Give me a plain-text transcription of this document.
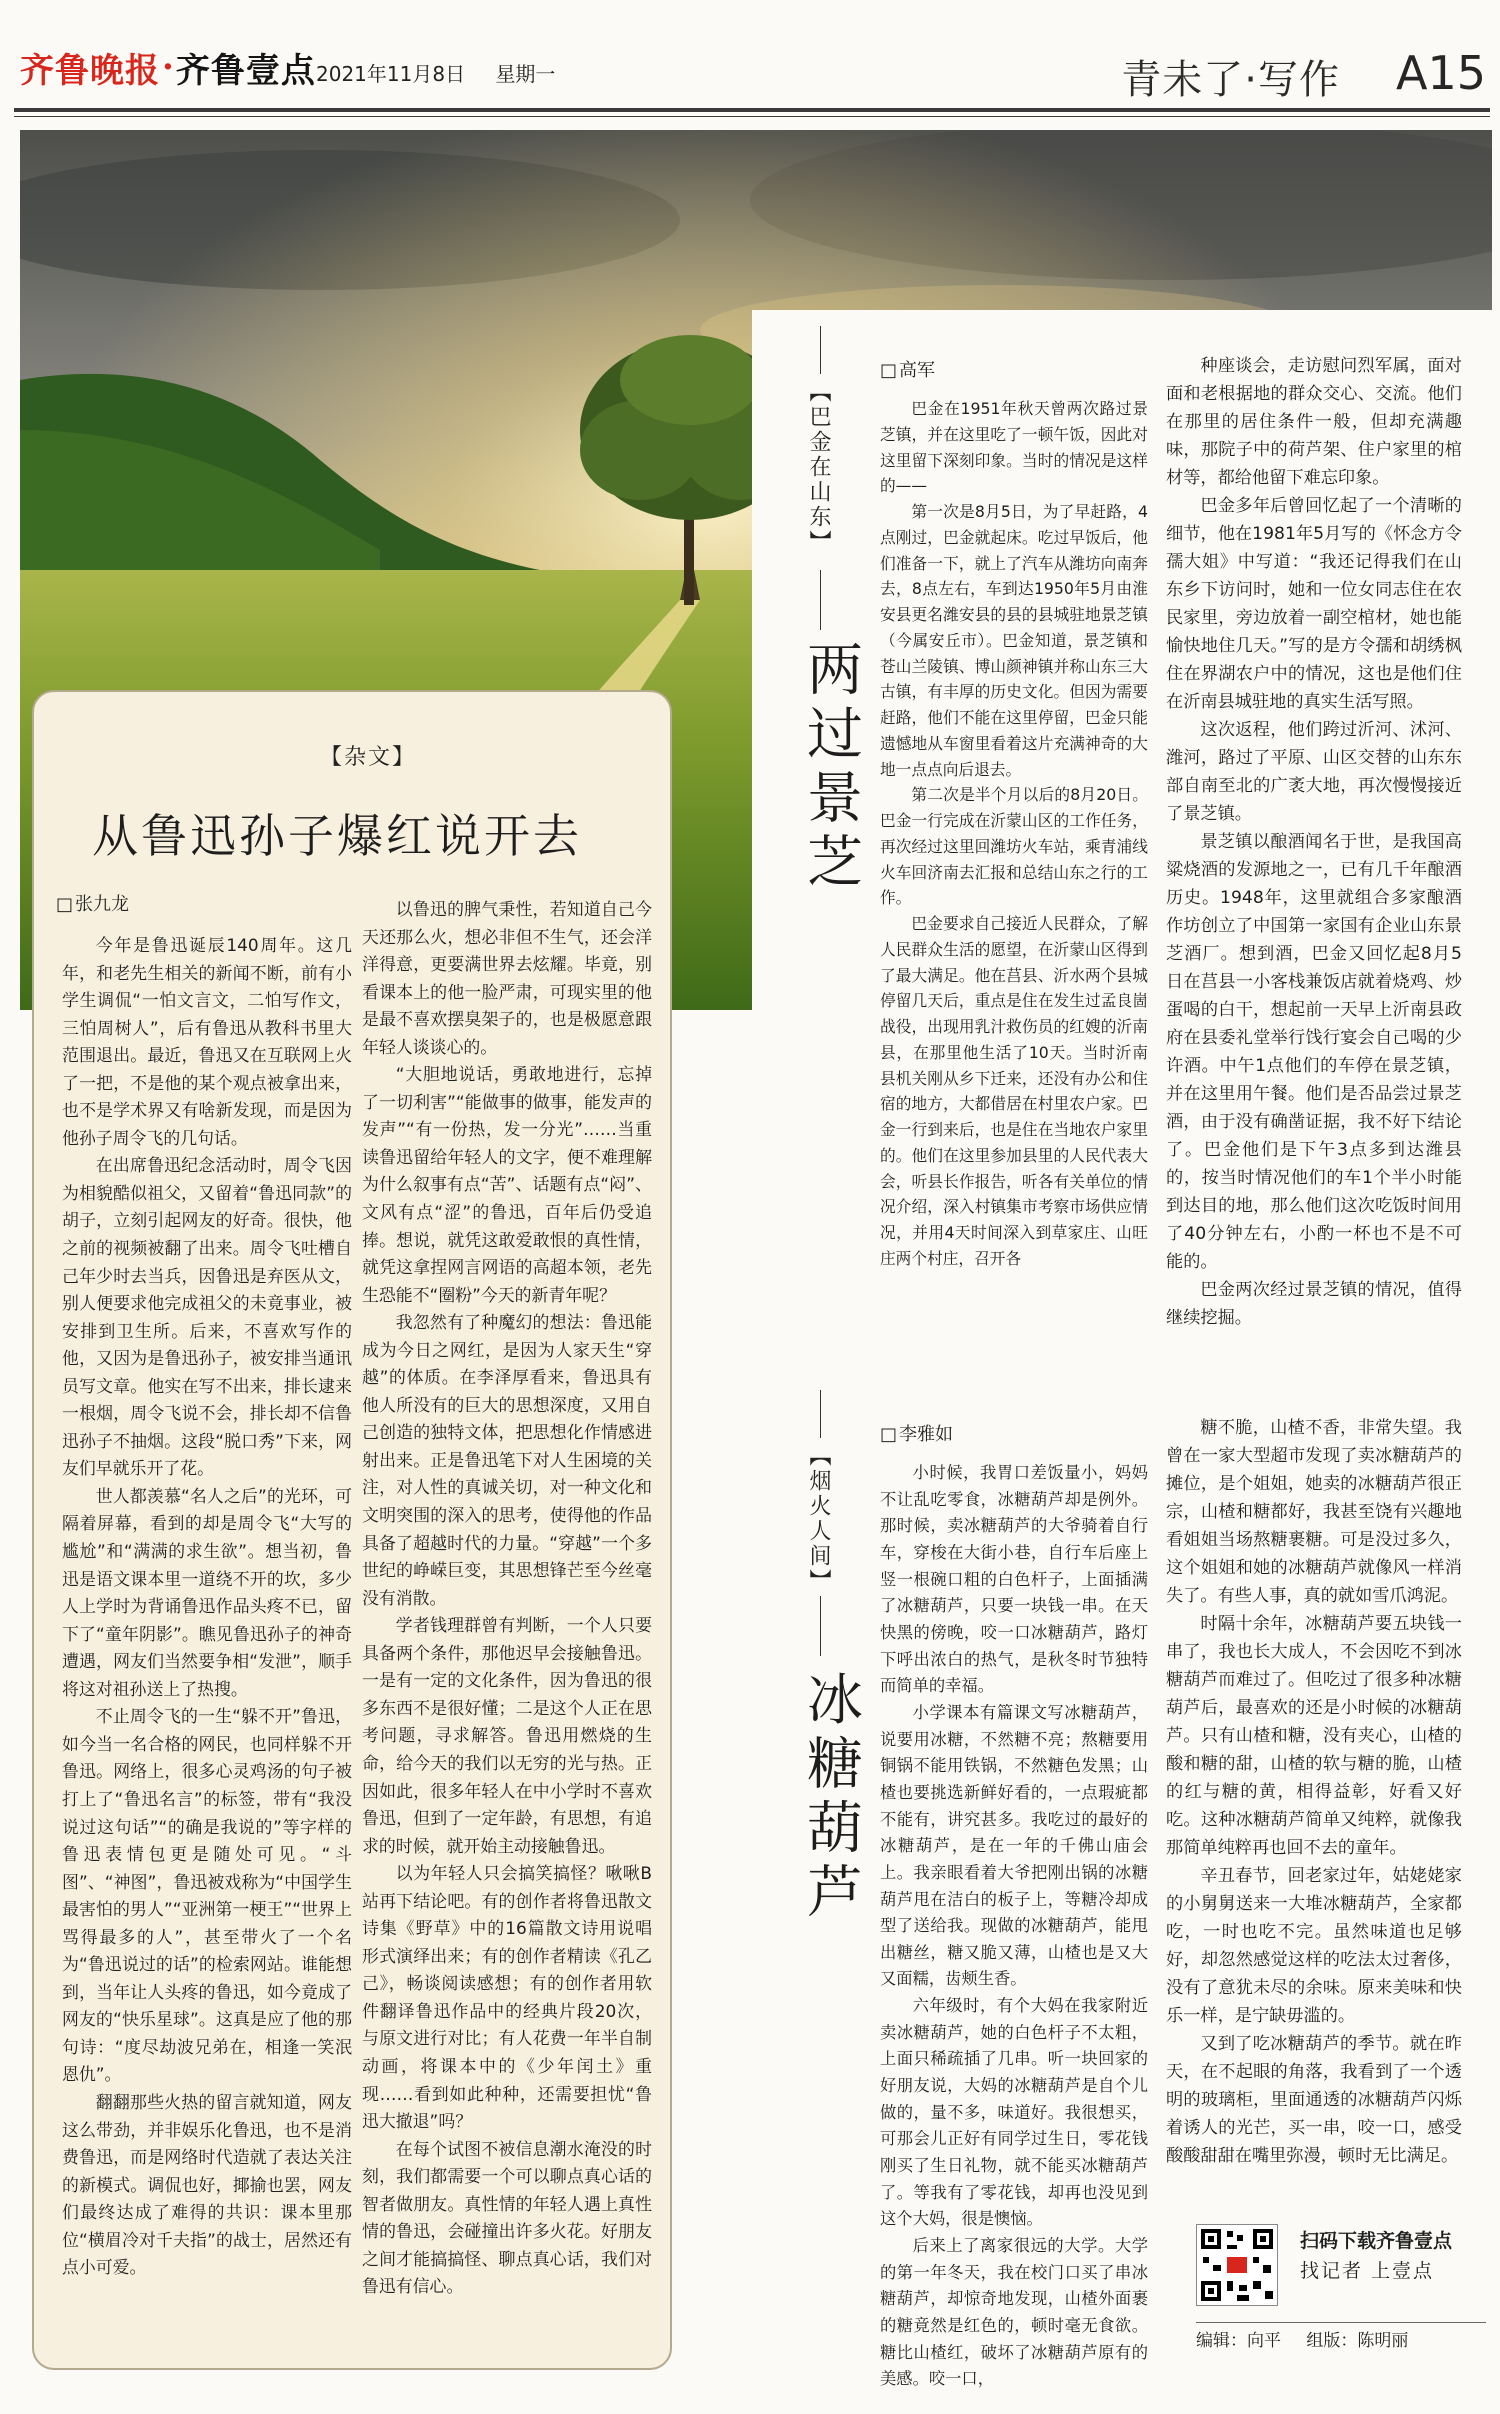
齐鲁晚报 · 齐鲁壹点 2021年11月8日 星期一	青未了·写作 A15
【杂文】
从鲁迅孙子爆红说开去
□ 张九龙

今年是鲁迅诞辰140周年。这几年，和老先生相关的新闻不断，前有小学生调侃“一怕文言文，二怕写作文，三怕周树人”，后有鲁迅从教科书里大范围退出。最近，鲁迅又在互联网上火了一把，不是他的某个观点被拿出来，也不是学术界又有啥新发现，而是因为他孙子周令飞的几句话。

在出席鲁迅纪念活动时，周令飞因为相貌酷似祖父，又留着“鲁迅同款”的胡子，立刻引起网友的好奇。很快，他之前的视频被翻了出来。周令飞吐槽自己年少时去当兵，因鲁迅是弃医从文，别人便要求他完成祖父的未竟事业，被安排到卫生所。后来，不喜欢写作的他，又因为是鲁迅孙子，被安排当通讯员写文章。他实在写不出来，排长逮来一根烟，周令飞说不会，排长却不信鲁迅孙子不抽烟。这段“脱口秀”下来，网友们早就乐开了花。

世人都羡慕“名人之后”的光环，可隔着屏幕，看到的却是周令飞“大写的尴尬”和“满满的求生欲”。想当初，鲁迅是语文课本里一道绕不开的坎，多少人上学时为背诵鲁迅作品头疼不已，留下了“童年阴影”。瞧见鲁迅孙子的神奇遭遇，网友们当然要争相“发泄”，顺手将这对祖孙送上了热搜。

不止周令飞的一生“躲不开”鲁迅，如今当一名合格的网民，也同样躲不开鲁迅。网络上，很多心灵鸡汤的句子被打上了“鲁迅名言”的标签，带有“我没说过这句话”“的确是我说的”等字样的鲁迅表情包更是随处可见。“斗图”、“神图”，鲁迅被戏称为“中国学生最害怕的男人”“亚洲第一梗王”“世界上骂得最多的人”，甚至带火了一个名为“鲁迅说过的话”的检索网站。谁能想到，当年让人头疼的鲁迅，如今竟成了网友的“快乐星球”。这真是应了他的那句诗：“度尽劫波兄弟在，相逢一笑泯恩仇”。

翻翻那些火热的留言就知道，网友这么带劲，并非娱乐化鲁迅，也不是消费鲁迅，而是网络时代造就了表达关注的新模式。调侃也好，揶揄也罢，网友们最终达成了难得的共识：课本里那位“横眉冷对千夫指”的战士，居然还有点小可爱。

以鲁迅的脾气秉性，若知道自己今天还那么火，想必非但不生气，还会洋洋得意，更要满世界去炫耀。毕竟，别看课本上的他一脸严肃，可现实里的他是最不喜欢摆臭架子的，也是极愿意跟年轻人谈谈心的。

“大胆地说话，勇敢地进行，忘掉了一切利害”“能做事的做事，能发声的发声”“有一份热，发一分光”……当重读鲁迅留给年轻人的文字，便不难理解为什么叙事有点“苦”、话题有点“闷”、文风有点“涩”的鲁迅，百年后仍受追捧。想说，就凭这敢爱敢恨的真性情，就凭这拿捏网言网语的高超本领，老先生恐能不“圈粉”今天的新青年呢？

我忽然有了种魔幻的想法：鲁迅能成为今日之网红，是因为人家天生“穿越”的体质。在李泽厚看来，鲁迅具有他人所没有的巨大的思想深度，又用自己创造的独特文体，把思想化作情感进射出来。正是鲁迅笔下对人生困境的关注，对人性的真诚关切，对一种文化和文明突围的深入的思考，使得他的作品具备了超越时代的力量。“穿越”一个多世纪的峥嵘巨变，其思想锋芒至今丝毫没有消散。

学者钱理群曾有判断，一个人只要具备两个条件，那他迟早会接触鲁迅。一是有一定的文化条件，因为鲁迅的很多东西不是很好懂；二是这个人正在思考问题，寻求解答。鲁迅用燃烧的生命，给今天的我们以无穷的光与热。正因如此，很多年轻人在中小学时不喜欢鲁迅，但到了一定年龄，有思想，有追求的时候，就开始主动接触鲁迅。

以为年轻人只会搞笑搞怪？啾啾B站再下结论吧。有的创作者将鲁迅散文诗集《野草》中的16篇散文诗用说唱形式演绎出来；有的创作者精读《孔乙己》，畅谈阅读感想；有的创作者用软件翻译鲁迅作品中的经典片段20次，与原文进行对比；有人花费一年半自制动画，将课本中的《少年闰土》重现……看到如此种种，还需要担忧“鲁迅大撤退”吗？

在每个试图不被信息潮水淹没的时刻，我们都需要一个可以聊点真心话的智者做朋友。真性情的年轻人遇上真性情的鲁迅，会碰撞出许多火花。好朋友之间才能搞搞怪、聊点真心话，我们对鲁迅有信心。

【巴金在山东】
两过景芝
□ 高军

巴金在1951年秋天曾两次路过景芝镇，并在这里吃了一顿午饭，因此对这里留下深刻印象。当时的情况是这样的——

第一次是8月5日，为了早赶路，4点刚过，巴金就起床。吃过早饭后，他们准备一下，就上了汽车从潍坊向南奔去，8点左右，车到达1950年5月由淮安县更名潍安县的县的县城驻地景芝镇（今属安丘市）。巴金知道，景芝镇和苍山兰陵镇、博山颜神镇并称山东三大古镇，有丰厚的历史文化。但因为需要赶路，他们不能在这里停留，巴金只能遗憾地从车窗里看着这片充满神奇的大地一点点向后退去。

第二次是半个月以后的8月20日。巴金一行完成在沂蒙山区的工作任务，再次经过这里回潍坊火车站，乘青浦线火车回济南去汇报和总结山东之行的工作。

巴金要求自己接近人民群众，了解人民群众生活的愿望，在沂蒙山区得到了最大满足。他在莒县、沂水两个县城停留几天后，重点是住在发生过孟良崮战役，出现用乳汁救伤员的红嫂的沂南县，在那里他生活了10天。当时沂南县机关刚从乡下迁来，还没有办公和住宿的地方，大都借居在村里农户家。巴金一行到来后，也是住在当地农户家里的。他们在这里参加县里的人民代表大会，听县长作报告，听各有关单位的情况介绍，深入村镇集市考察市场供应情况，并用4天时间深入到草家庄、山旺庄两个村庄，召开各

种座谈会，走访慰问烈军属，面对面和老根据地的群众交心、交流。他们在那里的居住条件一般，但却充满趣味，那院子中的荷芦架、住户家里的棺材等，都给他留下难忘印象。

巴金多年后曾回忆起了一个清晰的细节，他在1981年5月写的《怀念方令孺大姐》中写道：“我还记得我们在山东乡下访问时，她和一位女同志住在农民家里，旁边放着一副空棺材，她也能愉快地住几天。”写的是方令孺和胡绣枫住在界湖农户中的情况，这也是他们住在沂南县城驻地的真实生活写照。

这次返程，他们跨过沂河、沭河、潍河，路过了平原、山区交替的山东东部自南至北的广袤大地，再次慢慢接近了景芝镇。

景芝镇以酿酒闻名于世，是我国高粱烧酒的发源地之一，已有几千年酿酒历史。1948年，这里就组合多家酿酒作坊创立了中国第一家国有企业山东景芝酒厂。想到酒，巴金又回忆起8月5日在莒县一小客栈兼饭店就着烧鸡、炒蛋喝的白干，想起前一天早上沂南县政府在县委礼堂举行饯行宴会自己喝的少许酒。中午1点他们的车停在景芝镇，并在这里用午餐。他们是否品尝过景芝酒，由于没有确凿证据，我不好下结论了。巴金他们是下午3点多到达潍县的，按当时情况他们的车1个半小时能到达目的地，那么他们这次吃饭时间用了40分钟左右，小酌一杯也不是不可能的。

巴金两次经过景芝镇的情况，值得继续挖掘。

【烟火人间】
冰糖葫芦
□ 李雅如

小时候，我胃口差饭量小，妈妈不让乱吃零食，冰糖葫芦却是例外。那时候，卖冰糖葫芦的大爷骑着自行车，穿梭在大街小巷，自行车后座上竖一根碗口粗的白色杆子，上面插满了冰糖葫芦，只要一块钱一串。在天快黑的傍晚，咬一口冰糖葫芦，路灯下呼出浓白的热气，是秋冬时节独特而简单的幸福。

小学课本有篇课文写冰糖葫芦，说要用冰糖，不然糖不亮；熬糖要用铜锅不能用铁锅，不然糖色发黑；山楂也要挑选新鲜好看的，一点瑕疵都不能有，讲究甚多。我吃过的最好的冰糖葫芦，是在一年的千佛山庙会上。我亲眼看着大爷把刚出锅的冰糖葫芦甩在洁白的板子上，等糖冷却成型了送给我。现做的冰糖葫芦，能甩出糖丝，糖又脆又薄，山楂也是又大又面糯，齿颊生香。

六年级时，有个大妈在我家附近卖冰糖葫芦，她的白色杆子不太粗，上面只稀疏插了几串。听一块回家的好朋友说，大妈的冰糖葫芦是自个儿做的，量不多，味道好。我很想买，可那会儿正好有同学过生日，零花钱刚买了生日礼物，就不能买冰糖葫芦了。等我有了零花钱，却再也没见到这个大妈，很是懊恼。

后来上了离家很远的大学。大学的第一年冬天，我在校门口买了串冰糖葫芦，却惊奇地发现，山楂外面裹的糖竟然是红色的，顿时毫无食欲。糖比山楂红，破坏了冰糖葫芦原有的美感。咬一口，

糖不脆，山楂不香，非常失望。我曾在一家大型超市发现了卖冰糖葫芦的摊位，是个姐姐，她卖的冰糖葫芦很正宗，山楂和糖都好，我甚至饶有兴趣地看姐姐当场熬糖裹糖。可是没过多久，这个姐姐和她的冰糖葫芦就像风一样消失了。有些人事，真的就如雪爪鸿泥。

时隔十余年，冰糖葫芦要五块钱一串了，我也长大成人，不会因吃不到冰糖葫芦而难过了。但吃过了很多种冰糖葫芦后，最喜欢的还是小时候的冰糖葫芦。只有山楂和糖，没有夹心，山楂的酸和糖的甜，山楂的软与糖的脆，山楂的红与糖的黄，相得益彰，好看又好吃。这种冰糖葫芦简单又纯粹，就像我那简单纯粹再也回不去的童年。

辛丑春节，回老家过年，姑姥姥家的小舅舅送来一大堆冰糖葫芦，全家都吃，一时也吃不完。虽然味道也足够好，却忽然感觉这样的吃法太过奢侈，没有了意犹未尽的余味。原来美味和快乐一样，是宁缺毋滥的。

又到了吃冰糖葫芦的季节。就在昨天，在不起眼的角落，我看到了一个透明的玻璃柜，里面通透的冰糖葫芦闪烁着诱人的光芒，买一串，咬一口，感受酸酸甜甜在嘴里弥漫，顿时无比满足。

扫码下载齐鲁壹点
找记者 上壹点
编辑：向平 组版：陈明丽
